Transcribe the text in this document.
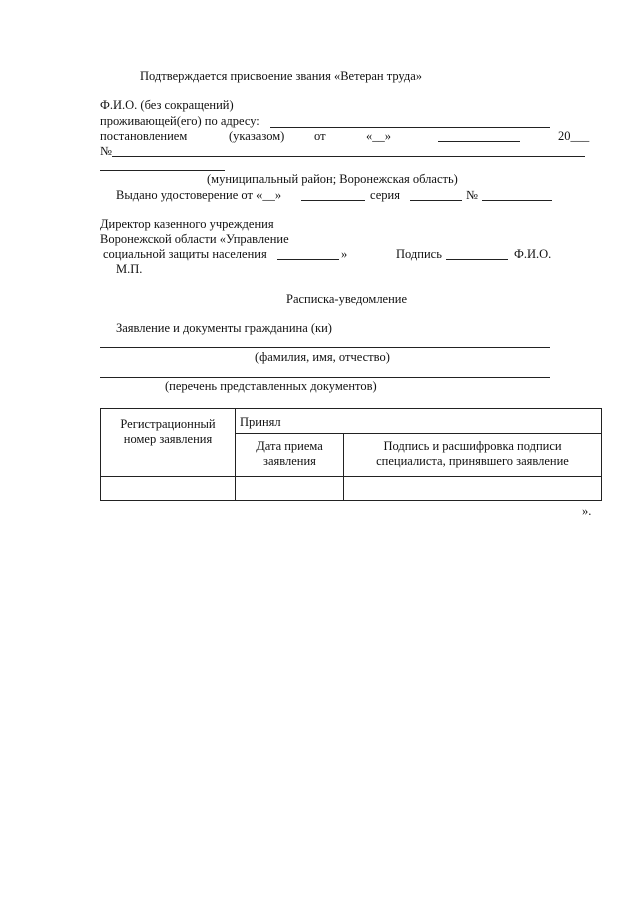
Подтверждается присвоение звания «Ветеран труда»
Ф.И.О. (без сокращений)
проживающей(его) по адресу:
постановлением	(указазом) от	«__»	20___
№
(муниципальный район; Воронежская область)
Выдано удостоверение от «__»	серия	№
Директор казенного учреждения
Воронежской области «Управление
социальной защиты населения	»	Подпись	Ф.И.О.
М.П.
Расписка-уведомление
Заявление и документы гражданина (ки)
(фамилия, имя, отчество)
(перечень представленных документов)
Регистрационный номер заявления	Принял	
	Дата приема заявления	Подпись и расшифровка подписи специалиста, принявшего заявление

».
